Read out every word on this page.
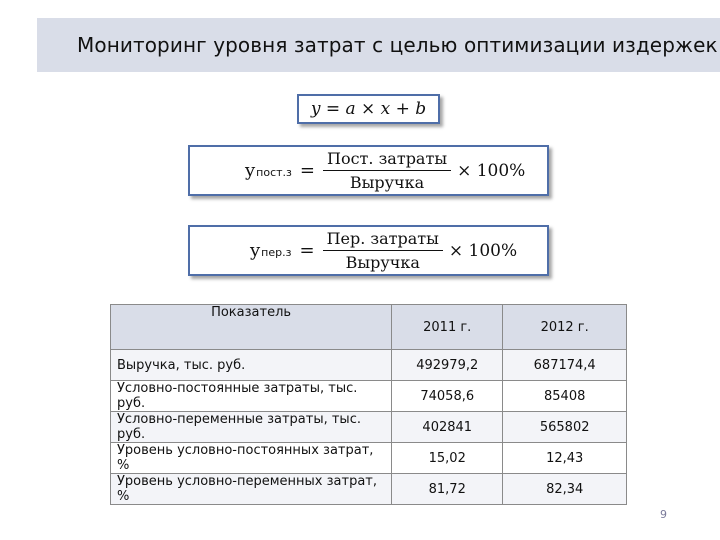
Мониторинг уровня затрат с целью оптимизации издержек
y = a × x + b
y пост.з = $\frac{\text{Пост. затраты}}{\text{Выручка}} \times 100\%$
y $пер.з = \frac{\text{Пер. затраты}}{\text{Выручка}} \times 100\%$
Показатель	2011 г.	2012 г.
Выручка, тыс. руб.	492979,2	687174,4
Условно-постоянные затраты, тыс. руб.	74058,6	85408
Условно-переменные затраты, тыс. руб.	402841	565802
Уровень условно-постоянных затрат, %	15,02	12,43
Уровень условно-переменных затрат, %	81,72	82,34
9
